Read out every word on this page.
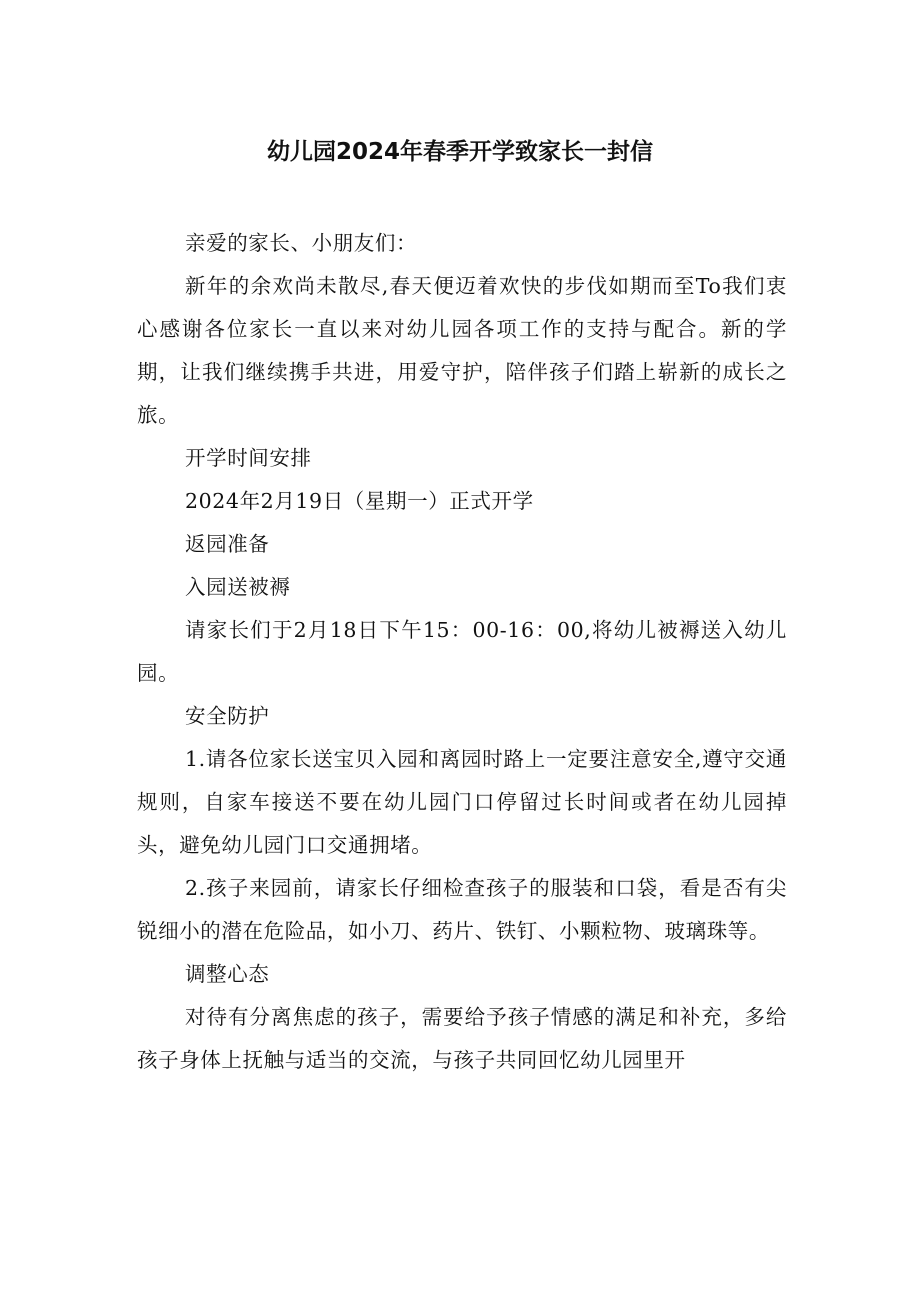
幼儿园2024年春季开学致家长一封信

亲爱的家长、小朋友们：

新年的余欢尚未散尽,春天便迈着欢快的步伐如期而至To我们衷心感谢各位家长一直以来对幼儿园各项工作的支持与配合。新的学期，让我们继续携手共进，用爱守护，陪伴孩子们踏上崭新的成长之旅。

开学时间安排

2024年2月19日（星期一）正式开学

返园准备

入园送被褥

请家长们于2月18日下午15：00-16：00,将幼儿被褥送入幼儿园。

安全防护

1.请各位家长送宝贝入园和离园时路上一定要注意安全,遵守交通规则，自家车接送不要在幼儿园门口停留过长时间或者在幼儿园掉头，避免幼儿园门口交通拥堵。

2.孩子来园前，请家长仔细检查孩子的服装和口袋，看是否有尖锐细小的潜在危险品，如小刀、药片、铁钉、小颗粒物、玻璃珠等。

调整心态

对待有分离焦虑的孩子，需要给予孩子情感的满足和补充，多给孩子身体上抚触与适当的交流，与孩子共同回忆幼儿园里开
